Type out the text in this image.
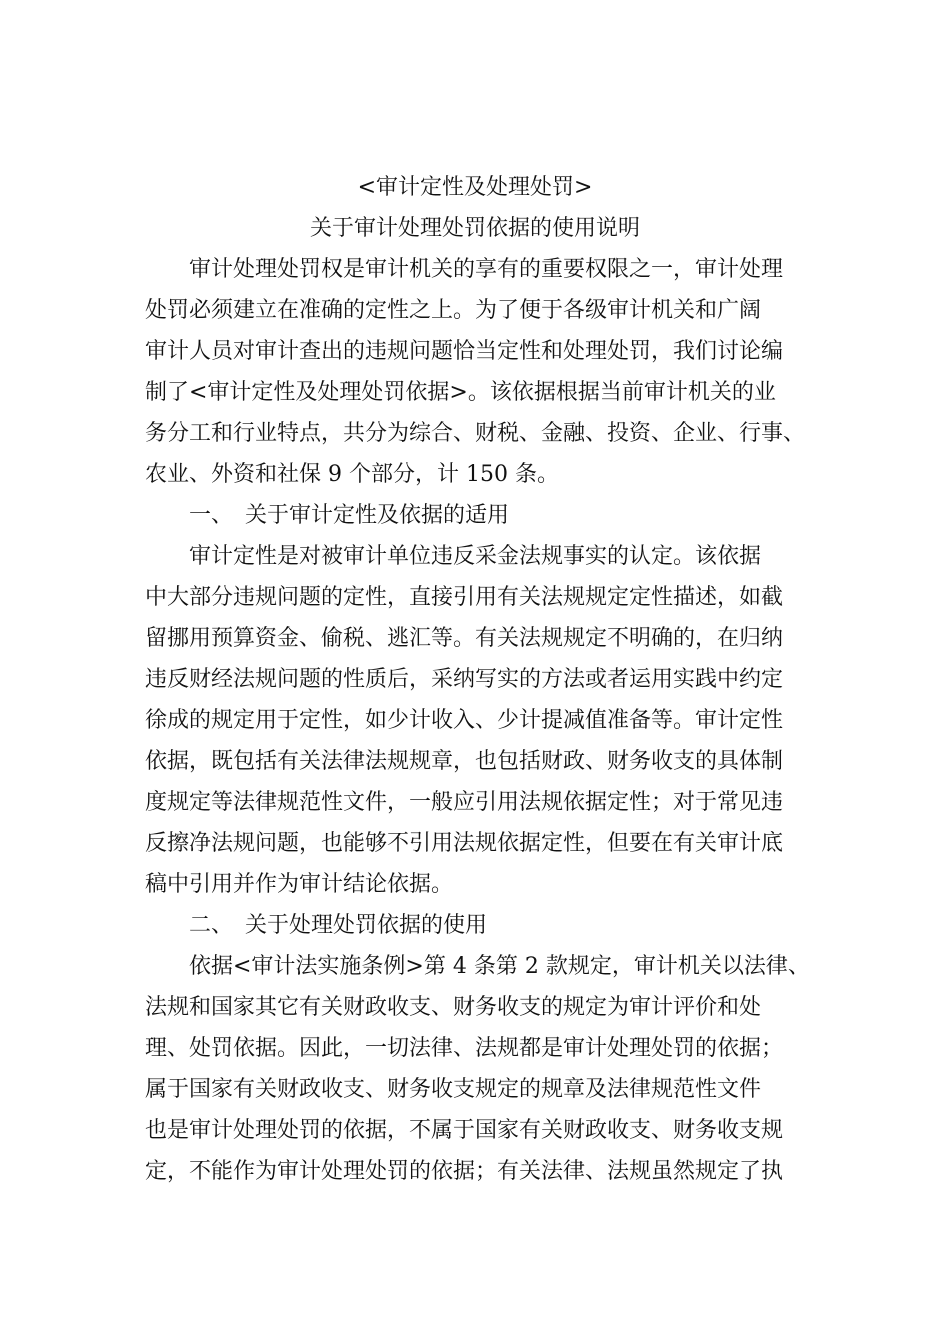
<审计定性及处理处罚>
关于审计处理处罚依据的使用说明
审计处理处罚权是审计机关的享有的重要权限之一，审计处理
处罚必须建立在准确的定性之上。为了便于各级审计机关和广阔
审计人员对审计查出的违规问题恰当定性和处理处罚，我们讨论编
制了<审计定性及处理处罚依据>。该依据根据当前审计机关的业
务分工和行业特点，共分为综合、财税、金融、投资、企业、行事、
农业、外资和社保 9 个部分，计 150 条。
一、 关于审计定性及依据的适用
审计定性是对被审计单位违反采金法规事实的认定。该依据
中大部分违规问题的定性，直接引用有关法规规定定性描述，如截
留挪用预算资金、偷税、逃汇等。有关法规规定不明确的，在归纳
违反财经法规问题的性质后，采纳写实的方法或者运用实践中约定
徐成的规定用于定性，如少计收入、少计提减值准备等。审计定性
依据，既包括有关法律法规规章，也包括财政、财务收支的具体制
度规定等法律规范性文件，一般应引用法规依据定性；对于常见违
反擦净法规问题，也能够不引用法规依据定性，但要在有关审计底
稿中引用并作为审计结论依据。
二、 关于处理处罚依据的使用
依据<审计法实施条例>第 4 条第 2 款规定，审计机关以法律、
法规和国家其它有关财政收支、财务收支的规定为审计评价和处
理、处罚依据。因此，一切法律、法规都是审计处理处罚的依据；
属于国家有关财政收支、财务收支规定的规章及法律规范性文件
也是审计处理处罚的依据，不属于国家有关财政收支、财务收支规
定，不能作为审计处理处罚的依据；有关法律、法规虽然规定了执
